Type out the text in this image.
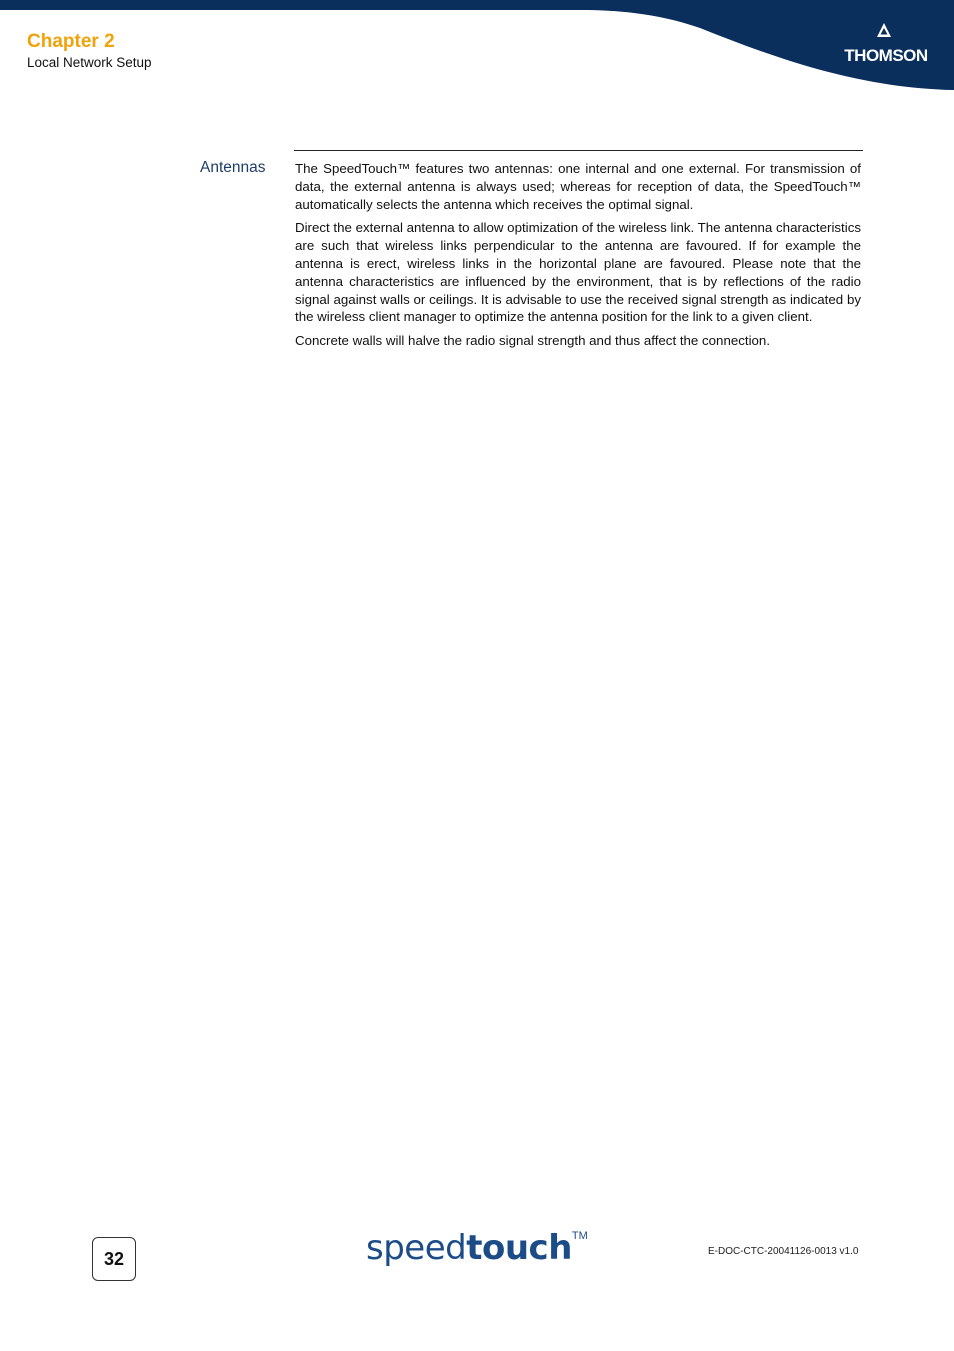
Chapter 2
Local Network Setup	THOMSON
Antennas The SpeedTouch™ features two antennas: one internal and one external. For transmission of data, the external antenna is always used; whereas for reception of data, the SpeedTouch™ automatically selects the antenna which receives the optimal signal.

Direct the external antenna to allow optimization of the wireless link. The antenna characteristics are such that wireless links perpendicular to the antenna are favoured. If for example the antenna is erect, wireless links in the horizontal plane are favoured. Please note that the antenna characteristics are influenced by the environment, that is by reflections of the radio signal against walls or ceilings. It is advisable to use the received signal strength as indicated by the wireless client manager to optimize the antenna position for the link to a given client.

Concrete walls will halve the radio signal strength and thus affect the connection.

32	speedtouch™
E-DOC-CTC-20041126-0013 v1.0
